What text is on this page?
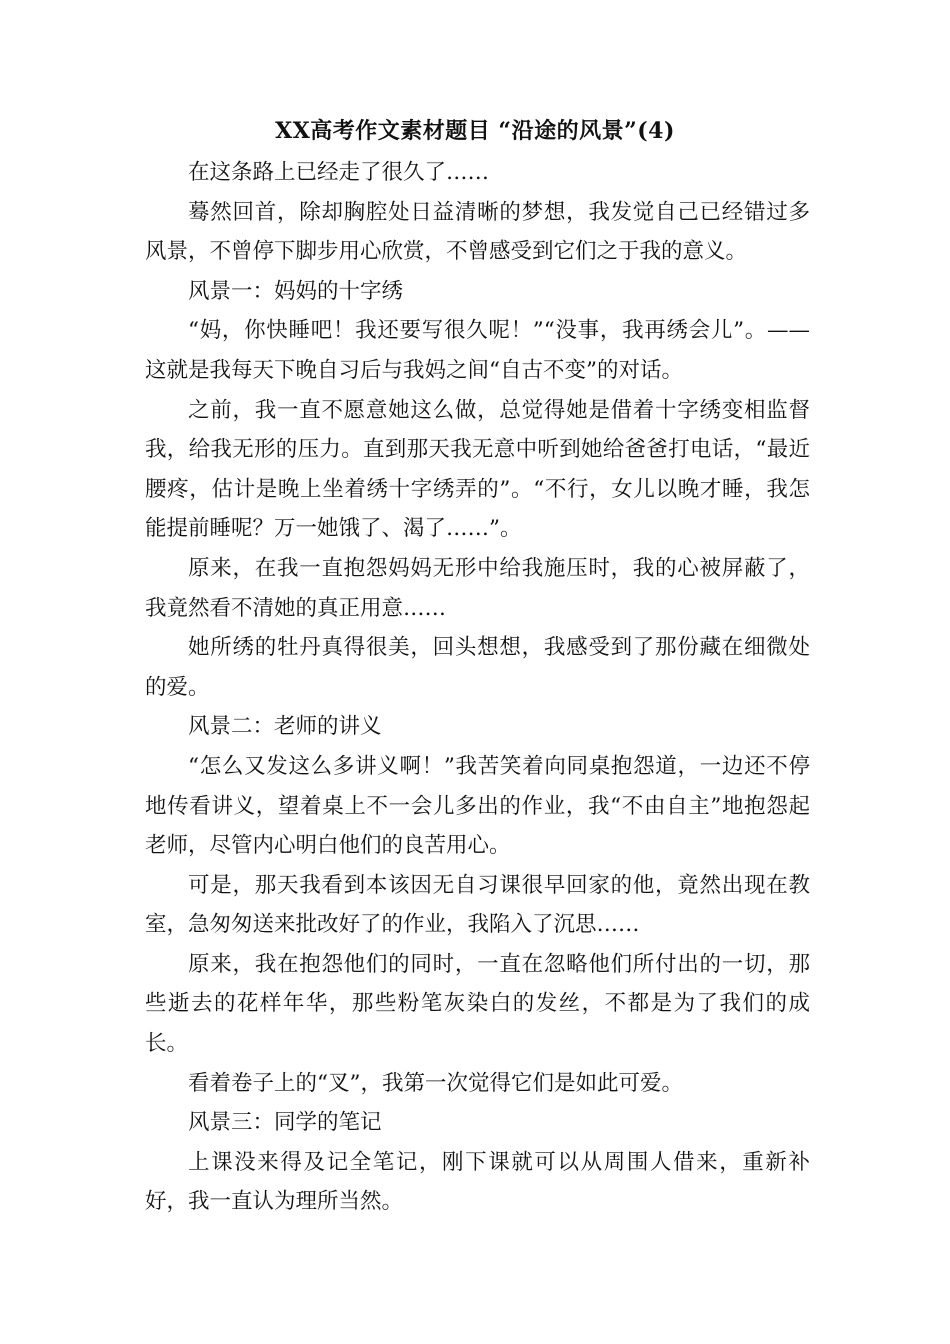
XX高考作文素材题目 “沿途的风景”(4)

在这条路上已经走了很久了……

蓦然回首，除却胸腔处日益清晰的梦想，我发觉自己已经错过多风景，不曾停下脚步用心欣赏，不曾感受到它们之于我的意义。

风景一：妈妈的十字绣

“妈，你快睡吧！我还要写很久呢！”“没事，我再绣会儿”。——这就是我每天下晚自习后与我妈之间“自古不变”的对话。

之前，我一直不愿意她这么做，总觉得她是借着十字绣变相监督我，给我无形的压力。直到那天我无意中听到她给爸爸打电话，“最近腰疼，估计是晚上坐着绣十字绣弄的”。“不行，女儿以晚才睡，我怎能提前睡呢？万一她饿了、渴了……”。

原来，在我一直抱怨妈妈无形中给我施压时，我的心被屏蔽了，我竟然看不清她的真正用意……

她所绣的牡丹真得很美，回头想想，我感受到了那份藏在细微处的爱。

风景二：老师的讲义

“怎么又发这么多讲义啊！”我苦笑着向同桌抱怨道，一边还不停地传看讲义，望着桌上不一会儿多出的作业，我“不由自主”地抱怨起老师，尽管内心明白他们的良苦用心。

可是，那天我看到本该因无自习课很早回家的他，竟然出现在教室，急匆匆送来批改好了的作业，我陷入了沉思……

原来，我在抱怨他们的同时，一直在忽略他们所付出的一切，那些逝去的花样年华，那些粉笔灰染白的发丝，不都是为了我们的成长。

看着卷子上的“叉”，我第一次觉得它们是如此可爱。

风景三：同学的笔记

上课没来得及记全笔记，刚下课就可以从周围人借来，重新补好，我一直认为理所当然。
